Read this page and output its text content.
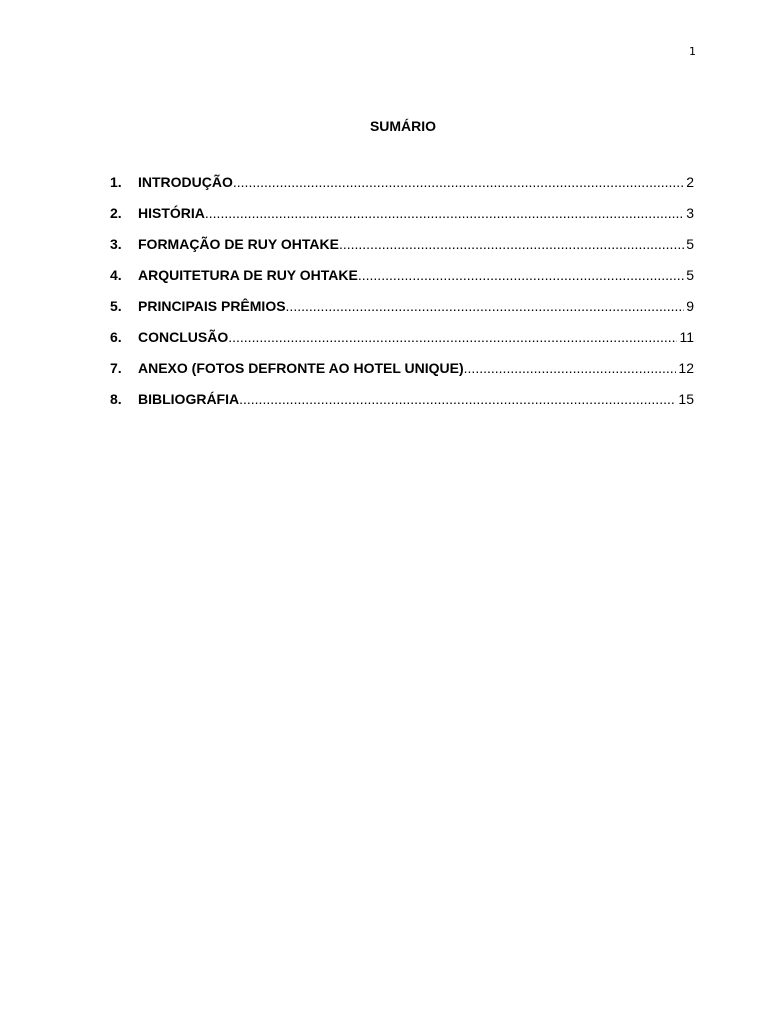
1
SUMÁRIO
1.	INTRODUÇÃO .....	2
2.	HISTÓRIA .....	3
3.	FORMAÇÃO DE RUY OHTAKE .....	5
4.	ARQUITETURA DE RUY OHTAKE .....	5
5.	PRINCIPAIS PRÊMIOS .....	9
6.	CONCLUSÃO .....	11
7.	ANEXO (FOTOS DEFRONTE AO HOTEL UNIQUE) .....	12
8.	BIBLIOGRÁFIA .....	15
